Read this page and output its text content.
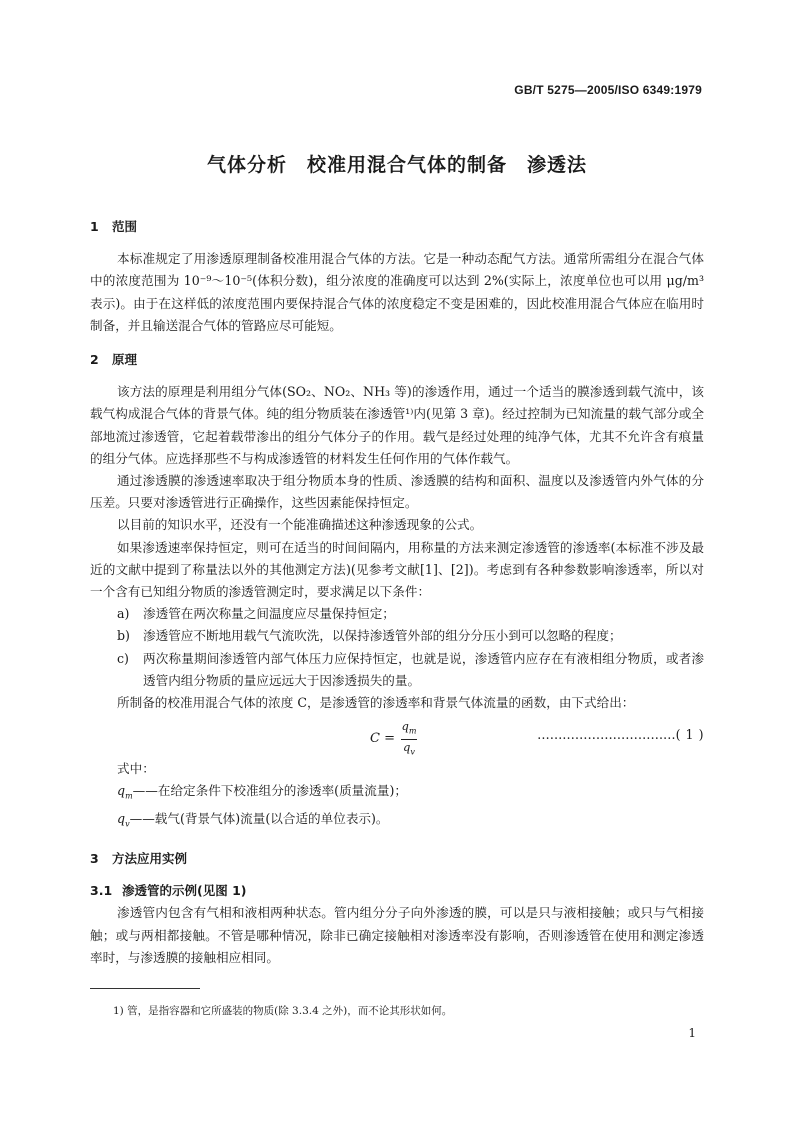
GB/T 5275—2005/ISO 6349:1979
气体分析　校准用混合气体的制备　渗透法
1 范围

本标准规定了用渗透原理制备校准用混合气体的方法。它是一种动态配气方法。通常所需组分在混合气体中的浓度范围为 10⁻⁹～10⁻⁵(体积分数)，组分浓度的准确度可以达到 2%(实际上，浓度单位也可以用 μg/m³ 表示)。由于在这样低的浓度范围内要保持混合气体的浓度稳定不变是困难的，因此校准用混合气体应在临用时制备，并且输送混合气体的管路应尽可能短。

2 原理

该方法的原理是利用组分气体(SO₂、NO₂、NH₃ 等)的渗透作用，通过一个适当的膜渗透到载气流中，该载气构成混合气体的背景气体。纯的组分物质装在渗透管¹⁾内(见第 3 章)。经过控制为已知流量的载气部分或全部地流过渗透管，它起着载带渗出的组分气体分子的作用。载气是经过处理的纯净气体，尤其不允许含有痕量的组分气体。应选择那些不与构成渗透管的材料发生任何作用的气体作载气。

通过渗透膜的渗透速率取决于组分物质本身的性质、渗透膜的结构和面积、温度以及渗透管内外气体的分压差。只要对渗透管进行正确操作，这些因素能保持恒定。

以目前的知识水平，还没有一个能准确描述这种渗透现象的公式。

如果渗透速率保持恒定，则可在适当的时间间隔内，用称量的方法来测定渗透管的渗透率(本标准不涉及最近的文献中提到了称量法以外的其他测定方法)(见参考文献[1]、[2])。考虑到有各种参数影响渗透率，所以对一个含有已知组分物质的渗透管测定时，要求满足以下条件：

a) 渗透管在两次称量之间温度应尽量保持恒定；
b) 渗透管应不断地用载气气流吹洗，以保持渗透管外部的组分分压小到可以忽略的程度；
c) 两次称量期间渗透管内部气体压力应保持恒定，也就是说，渗透管内应存在有液相组分物质，或者渗透管内组分物质的量应远远大于因渗透损失的量。

所制备的校准用混合气体的浓度 C，是渗透管的渗透率和背景气体流量的函数，由下式给出：

$C = \frac{q_m}{q_v}$	……………………………( 1 )
式中：
$q_m——$在给定条件下校准组分的渗透率(质量流量)；
$q_v——$载气(背景气体)流量(以合适的单位表示)。
3 方法应用实例
3.1 渗透管的示例(见图 1)

渗透管内包含有气相和液相两种状态。管内组分分子向外渗透的膜，可以是只与液相接触；或只与气相接触；或与两相都接触。不管是哪种情况，除非已确定接触相对渗透率没有影响，否则渗透管在使用和测定渗透率时，与渗透膜的接触相应相同。

1) 管，是指容器和它所盛装的物质(除 3.3.4 之外)，而不论其形状如何。
1
